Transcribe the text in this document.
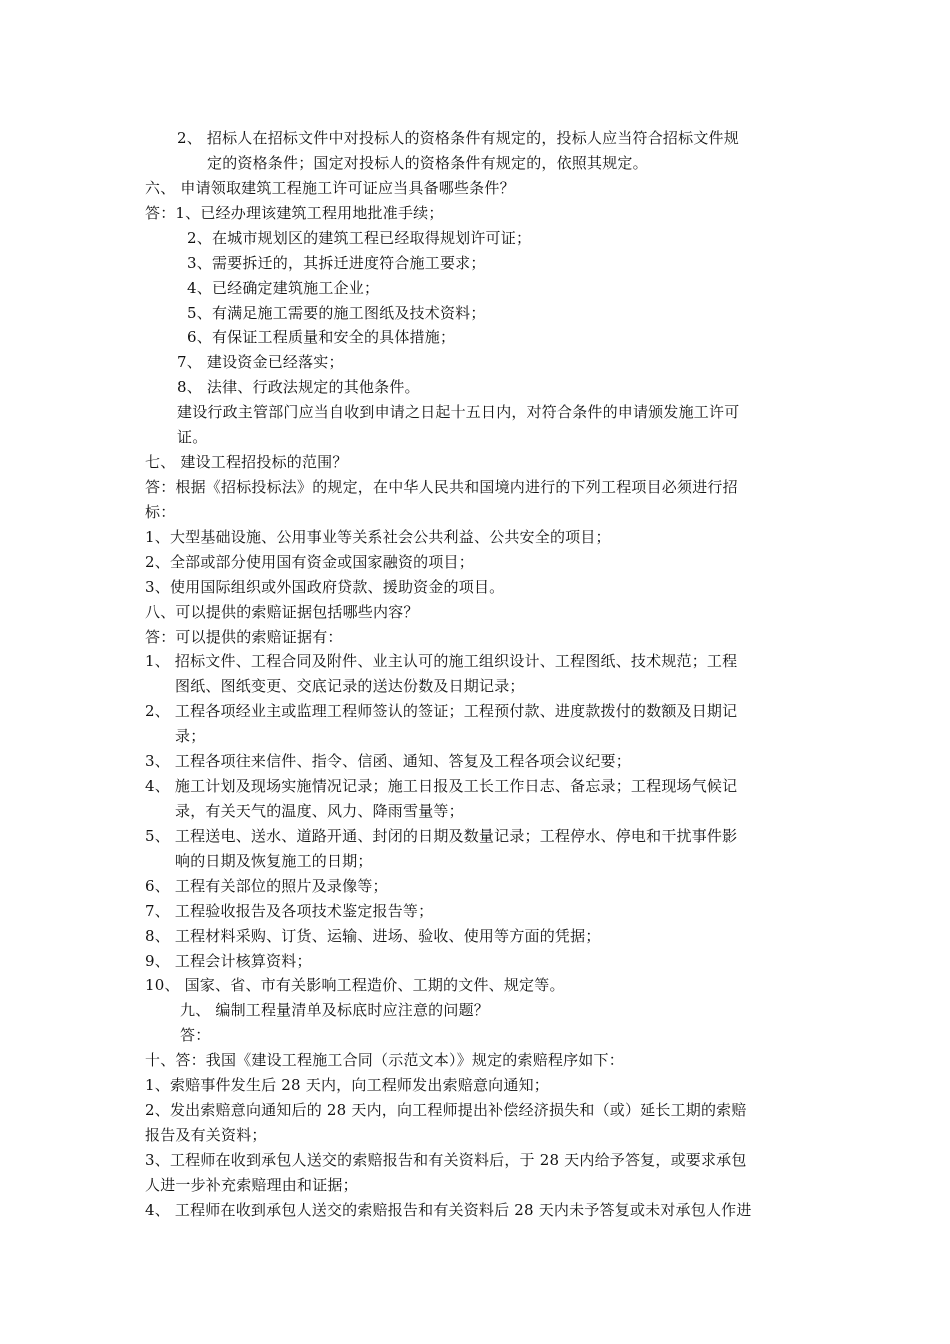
2、 招标人在招标文件中对投标人的资格条件有规定的，投标人应当符合招标文件规
定的资格条件；国定对投标人的资格条件有规定的，依照其规定。
六、 申请领取建筑工程施工许可证应当具备哪些条件？
答：1、已经办理该建筑工程用地批准手续；
2、在城市规划区的建筑工程已经取得规划许可证；
3、需要拆迁的，其拆迁进度符合施工要求；
4、已经确定建筑施工企业；
5、有满足施工需要的施工图纸及技术资料；
6、有保证工程质量和安全的具体措施；
7、 建设资金已经落实；
8、 法律、行政法规定的其他条件。
建设行政主管部门应当自收到申请之日起十五日内，对符合条件的申请颁发施工许可
证。
七、 建设工程招投标的范围？
答：根据《招标投标法》的规定，在中华人民共和国境内进行的下列工程项目必须进行招
标：
1、大型基础设施、公用事业等关系社会公共利益、公共安全的项目；
2、全部或部分使用国有资金或国家融资的项目；
3、使用国际组织或外国政府贷款、援助资金的项目。
八、可以提供的索赔证据包括哪些内容？
答：可以提供的索赔证据有：
1、 招标文件、工程合同及附件、业主认可的施工组织设计、工程图纸、技术规范；工程
图纸、图纸变更、交底记录的送达份数及日期记录；
2、 工程各项经业主或监理工程师签认的签证；工程预付款、进度款拨付的数额及日期记
录；
3、 工程各项往来信件、指令、信函、通知、答复及工程各项会议纪要；
4、 施工计划及现场实施情况记录；施工日报及工长工作日志、备忘录；工程现场气候记
录，有关天气的温度、风力、降雨雪量等；
5、 工程送电、送水、道路开通、封闭的日期及数量记录；工程停水、停电和干扰事件影
响的日期及恢复施工的日期；
6、 工程有关部位的照片及录像等；
7、 工程验收报告及各项技术鉴定报告等；
8、 工程材料采购、订货、运输、进场、验收、使用等方面的凭据；
9、 工程会计核算资料；
10、 国家、省、市有关影响工程造价、工期的文件、规定等。
九、 编制工程量清单及标底时应注意的问题？
答：
十、答：我国《建设工程施工合同（示范文本）》规定的索赔程序如下：
1、索赔事件发生后 28 天内，向工程师发出索赔意向通知；
2、发出索赔意向通知后的 28 天内，向工程师提出补偿经济损失和（或）延长工期的索赔
报告及有关资料；
3、工程师在收到承包人送交的索赔报告和有关资料后，于 28 天内给予答复，或要求承包
人进一步补充索赔理由和证据；
4、 工程师在收到承包人送交的索赔报告和有关资料后 28 天内未予答复或未对承包人作进
